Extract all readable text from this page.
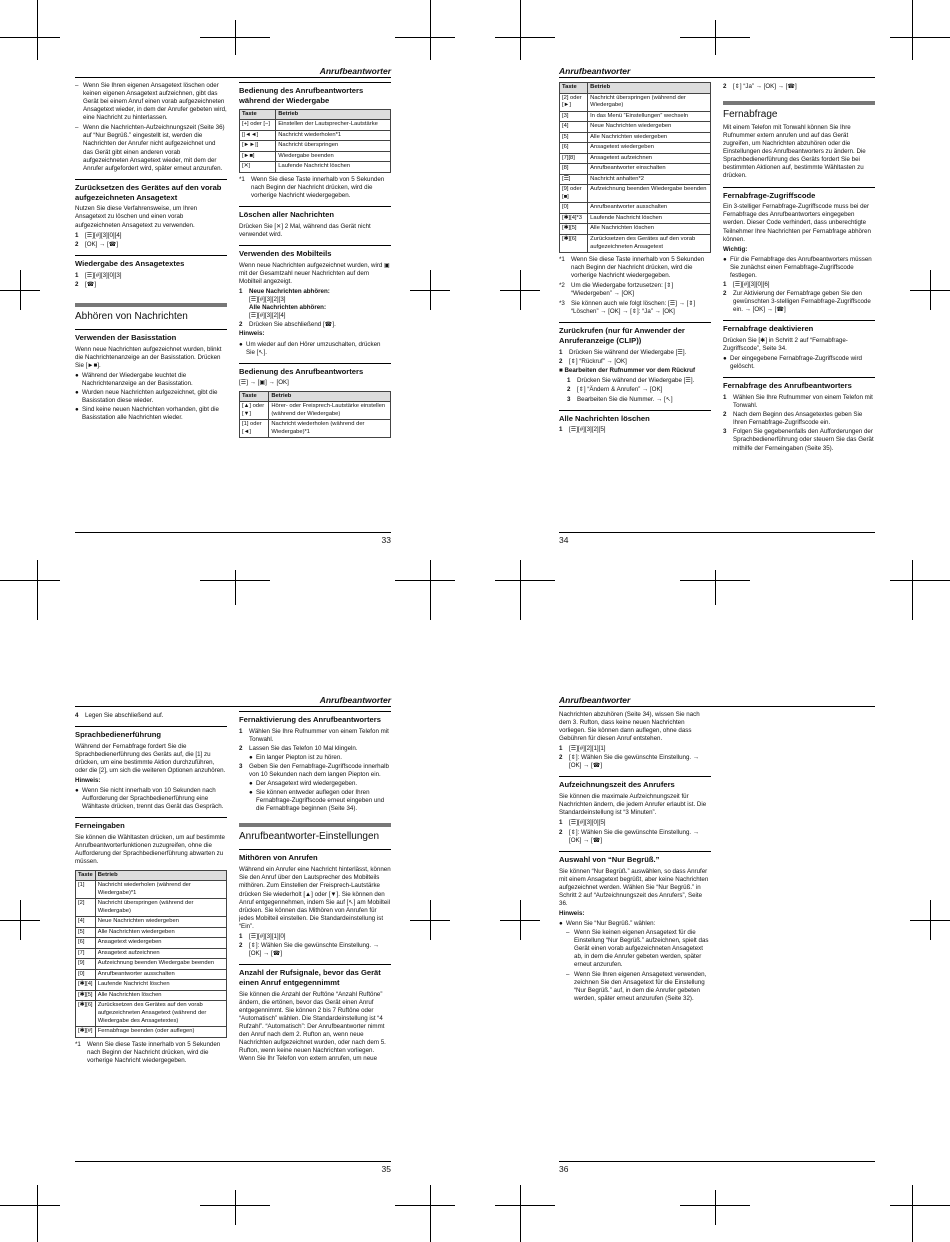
Anrufbeantworter
– Wenn Sie Ihren eigenen Ansagetext löschen oder keinen eigenen Ansagetext aufzeichnen, gibt das Gerät bei einem Anruf einen vorab aufgezeichneten Ansagetext wieder, in dem der Anrufer gebeten wird, eine Nachricht zu hinterlassen.
– Wenn die Nachrichten-Aufzeichnungszeit (Seite 36) auf “Nur Begrüß.” eingestellt ist, werden die Nachrichten der Anrufer nicht aufgezeichnet und das Gerät gibt einen anderen vorab aufgezeichneten Ansagetext wieder, mit dem der Anrufer aufgefordert wird, später erneut anzurufen.
Zurücksetzen des Gerätes auf den vorab aufgezeichneten Ansagetext

Nutzen Sie diese Verfahrensweise, um Ihren Ansagetext zu löschen und einen vorab aufgezeichneten Ansagetext zu verwenden.

1	[☰][#][3][0][4]
2	[OK] → [☎]
Wiedergabe des Ansagetextes
1	[☰][#][3][0][3]
2	[☎]
Abhören von Nachrichten
Verwenden der Basisstation

Wenn neue Nachrichten aufgezeichnet wurden, blinkt die Nachrichtenanzeige an der Basisstation. Drücken Sie [►■].

● Während der Wiedergabe leuchtet die Nachrichtenanzeige an der Basisstation.
● Wurden neue Nachrichten aufgezeichnet, gibt die Basisstation diese wieder.
● Sind keine neuen Nachrichten vorhanden, gibt die Basisstation alle Nachrichten wieder.
Bedienung des Anrufbeantworters während der Wiedergabe
Taste	Betrieb
[+] oder [−]	Einstellen der Lautsprecher-Lautstärke
[|◄◄]	Nachricht wiederholen*1
[►►|]	Nachricht überspringen
[►■]	Wiedergabe beenden
[✕]	Laufende Nachricht löschen
*1 Wenn Sie diese Taste innerhalb von 5 Sekunden nach Beginn der Nachricht drücken, wird die vorherige Nachricht wiedergegeben.
Löschen aller Nachrichten

Drücken Sie [✕] 2 Mal, während das Gerät nicht verwendet wird.

Verwenden des Mobilteils

Wenn neue Nachrichten aufgezeichnet wurden, wird ▣ mit der Gesamtzahl neuer Nachrichten auf dem Mobilteil angezeigt.

1	Neue Nachrichten abhören:
[☰][#][3][2][3]
Alle Nachrichten abhören:
[☰][#][3][2][4]
2	Drücken Sie abschließend [☎].

Hinweis:

● Um wieder auf den Hörer umzuschalten, drücken Sie [↖].
Bedienung des Anrufbeantworters

[☰] → [▣] → [OK]

Taste	Betrieb
[▲] oder [▼]	Hörer- oder Freisprech-Lautstärke einstellen (während der Wiedergabe)
[1] oder [◄]	Nachricht wiederholen (während der Wiedergabe)*1
33
Anrufbeantworter
Taste	Betrieb
[2] oder [►]	Nachricht überspringen (während der Wiedergabe)
[3]	In das Menü “Einstellungen” wechseln
[4]	Neue Nachrichten wiedergeben
[5]	Alle Nachrichten wiedergeben
[6]	Ansagetext wiedergeben
[7][8]	Ansagetext aufzeichnen
[8]	Anrufbeantworter einschalten
[☰]	Nachricht anhalten*2
[9] oder [■]	Aufzeichnung beenden Wiedergabe beenden
[0]	Anrufbeantworter ausschalten
[✱][4]*3	Laufende Nachricht löschen
[✱][5]	Alle Nachrichten löschen
[✱][6]	Zurücksetzen des Gerätes auf den vorab aufgezeichneten Ansagetext
*1 Wenn Sie diese Taste innerhalb von 5 Sekunden nach Beginn der Nachricht drücken, wird die vorherige Nachricht wiedergegeben.
*2 Um die Wiedergabe fortzusetzen: [⇕] “Wiedergeben” → [OK]
*3 Sie können auch wie folgt löschen: [☰] → [⇕] “Löschen” → [OK] → [⇕]: “Ja” → [OK]
Zurückrufen (nur für Anwender der Anruferanzeige (CLIP))
1	Drücken Sie während der Wiedergabe [☰].
2	[⇕] “Rückruf” → [OK]

■ Bearbeiten der Rufnummer vor dem Rückruf

1	Drücken Sie während der Wiedergabe [☰].
2	[⇕] “Ändern & Anrufen” → [OK]
3	Bearbeiten Sie die Nummer. → [↖]
Alle Nachrichten löschen
1	[☰][#][3][2][5]
2	[⇕] “Ja” → [OK] → [☎]
Fernabfrage

Mit einem Telefon mit Tonwahl können Sie Ihre Rufnummer extern anrufen und auf das Gerät zugreifen, um Nachrichten abzuhören oder die Einstellungen des Anrufbeantworters zu ändern. Die Sprachbedienerführung des Geräts fordert Sie bei bestimmten Aktionen auf, bestimmte Wähltasten zu drücken.

Fernabfrage-Zugriffscode

Ein 3-stelliger Fernabfrage-Zugriffscode muss bei der Fernabfrage des Anrufbeantworters eingegeben werden. Dieser Code verhindert, dass unberechtigte Teilnehmer Ihre Nachrichten per Fernabfrage abhören können.

Wichtig:

● Für die Fernabfrage des Anrufbeantworters müssen Sie zunächst einen Fernabfrage-Zugriffscode festlegen.
1	[☰][#][3][0][6]
2	Zur Aktivierung der Fernabfrage geben Sie den gewünschten 3-stelligen Fernabfrage-Zugriffscode ein. → [OK] → [☎]
Fernabfrage deaktivieren

Drücken Sie [✱] in Schritt 2 auf “Fernabfrage-Zugriffscode”, Seite 34.

● Der eingegebene Fernabfrage-Zugriffscode wird gelöscht.
Fernabfrage des Anrufbeantworters
1	Wählen Sie Ihre Rufnummer von einem Telefon mit Tonwahl.
2	Nach dem Beginn des Ansagetextes geben Sie Ihren Fernabfrage-Zugriffscode ein.
3	Folgen Sie gegebenenfalls den Aufforderungen der Sprachbedienerführung oder steuern Sie das Gerät mithilfe der Ferneingaben (Seite 35).
34
Anrufbeantworter
4	Legen Sie abschließend auf.
Sprachbedienerführung

Während der Fernabfrage fordert Sie die Sprachbedienerführung des Geräts auf, die [1] zu drücken, um eine bestimmte Aktion durchzuführen, oder die [2], um sich die weiteren Optionen anzuhören.

Hinweis:

● Wenn Sie nicht innerhalb von 10 Sekunden nach Aufforderung der Sprachbedienerführung eine Wähltaste drücken, trennt das Gerät das Gespräch.
Ferneingaben

Sie können die Wähltasten drücken, um auf bestimmte Anrufbeantworterfunktionen zuzugreifen, ohne die Aufforderung der Sprachbedienerführung abwarten zu müssen.

Taste	Betrieb
[1]	Nachricht wiederholen (während der Wiedergabe)*1
[2]	Nachricht überspringen (während der Wiedergabe)
[4]	Neue Nachrichten wiedergeben
[5]	Alle Nachrichten wiedergeben
[6]	Ansagetext wiedergeben
[7]	Ansagetext aufzeichnen
[9]	Aufzeichnung beenden Wiedergabe beenden
[0]	Anrufbeantworter ausschalten
[✱][4]	Laufende Nachricht löschen
[✱][5]	Alle Nachrichten löschen
[✱][6]	Zurücksetzen des Gerätes auf den vorab aufgezeichneten Ansagetext (während der Wiedergabe des Ansagetextes)
[✱][#]	Fernabfrage beenden (oder auflegen)
*1 Wenn Sie diese Taste innerhalb von 5 Sekunden nach Beginn der Nachricht drücken, wird die vorherige Nachricht wiedergegeben.
Fernaktivierung des Anrufbeantworters
1	Wählen Sie Ihre Rufnummer von einem Telefon mit Tonwahl.
2	Lassen Sie das Telefon 10 Mal klingeln.
● Ein langer Piepton ist zu hören.
3	Geben Sie den Fernabfrage-Zugriffscode innerhalb von 10 Sekunden nach dem langen Piepton ein.
● Der Ansagetext wird wiedergegeben.
● Sie können entweder auflegen oder Ihren Fernabfrage-Zugriffscode erneut eingeben und die Fernabfrage beginnen (Seite 34).
Anrufbeantworter-Einstellungen
Mithören von Anrufen

Während ein Anrufer eine Nachricht hinterlässt, können Sie den Anruf über den Lautsprecher des Mobilteils mithören. Zum Einstellen der Freisprech-Lautstärke drücken Sie wiederholt [▲] oder [▼]. Sie können den Anruf entgegennehmen, indem Sie auf [↖] am Mobilteil drücken. Sie können das Mithören von Anrufen für jedes Mobilteil einstellen. Die Standardeinstellung ist “Ein”.

1	[☰][#][3][1][0]
2	[⇕]: Wählen Sie die gewünschte Einstellung. → [OK] → [☎]
Anzahl der Rufsignale, bevor das Gerät einen Anruf entgegennimmt

Sie können die Anzahl der Ruftöne “Anzahl Ruftöne” ändern, die ertönen, bevor das Gerät einen Anruf entgegennimmt. Sie können 2 bis 7 Ruftöne oder “Automatisch” wählen. Die Standardeinstellung ist “4 Rufzahl”. “Automatisch”: Der Anrufbeantworter nimmt den Anruf nach dem 2. Rufton an, wenn neue Nachrichten aufgezeichnet wurden, oder nach dem 5. Rufton, wenn keine neuen Nachrichten vorliegen. Wenn Sie Ihr Telefon von extern anrufen, um neue

35
Anrufbeantworter

Nachrichten abzuhören (Seite 34), wissen Sie nach dem 3. Rufton, dass keine neuen Nachrichten vorliegen. Sie können dann auflegen, ohne dass Gebühren für diesen Anruf entstehen.

1	[☰][#][2][1][1]
2	[⇕]: Wählen Sie die gewünschte Einstellung. → [OK] → [☎]
Aufzeichnungszeit des Anrufers

Sie können die maximale Aufzeichnungszeit für Nachrichten ändern, die jedem Anrufer erlaubt ist. Die Standardeinstellung ist “3 Minuten”.

1	[☰][#][3][0][5]
2	[⇕]: Wählen Sie die gewünschte Einstellung. → [OK] → [☎]
Auswahl von “Nur Begrüß.”

Sie können “Nur Begrüß.” auswählen, so dass Anrufer mit einem Ansagetext begrüßt, aber keine Nachrichten aufgezeichnet werden. Wählen Sie “Nur Begrüß.” in Schritt 2 auf “Aufzeichnungszeit des Anrufers”, Seite 36.

Hinweis:

● Wenn Sie “Nur Begrüß.” wählen:
– Wenn Sie keinen eigenen Ansagetext für die Einstellung “Nur Begrüß.” aufzeichnen, spielt das Gerät einen vorab aufgezeichneten Ansagetext ab, in dem die Anrufer gebeten werden, später erneut anzurufen.
– Wenn Sie Ihren eigenen Ansagetext verwenden, zeichnen Sie den Ansagetext für die Einstellung “Nur Begrüß.” auf, in dem die Anrufer gebeten werden, später erneut anzurufen (Seite 32).
36
